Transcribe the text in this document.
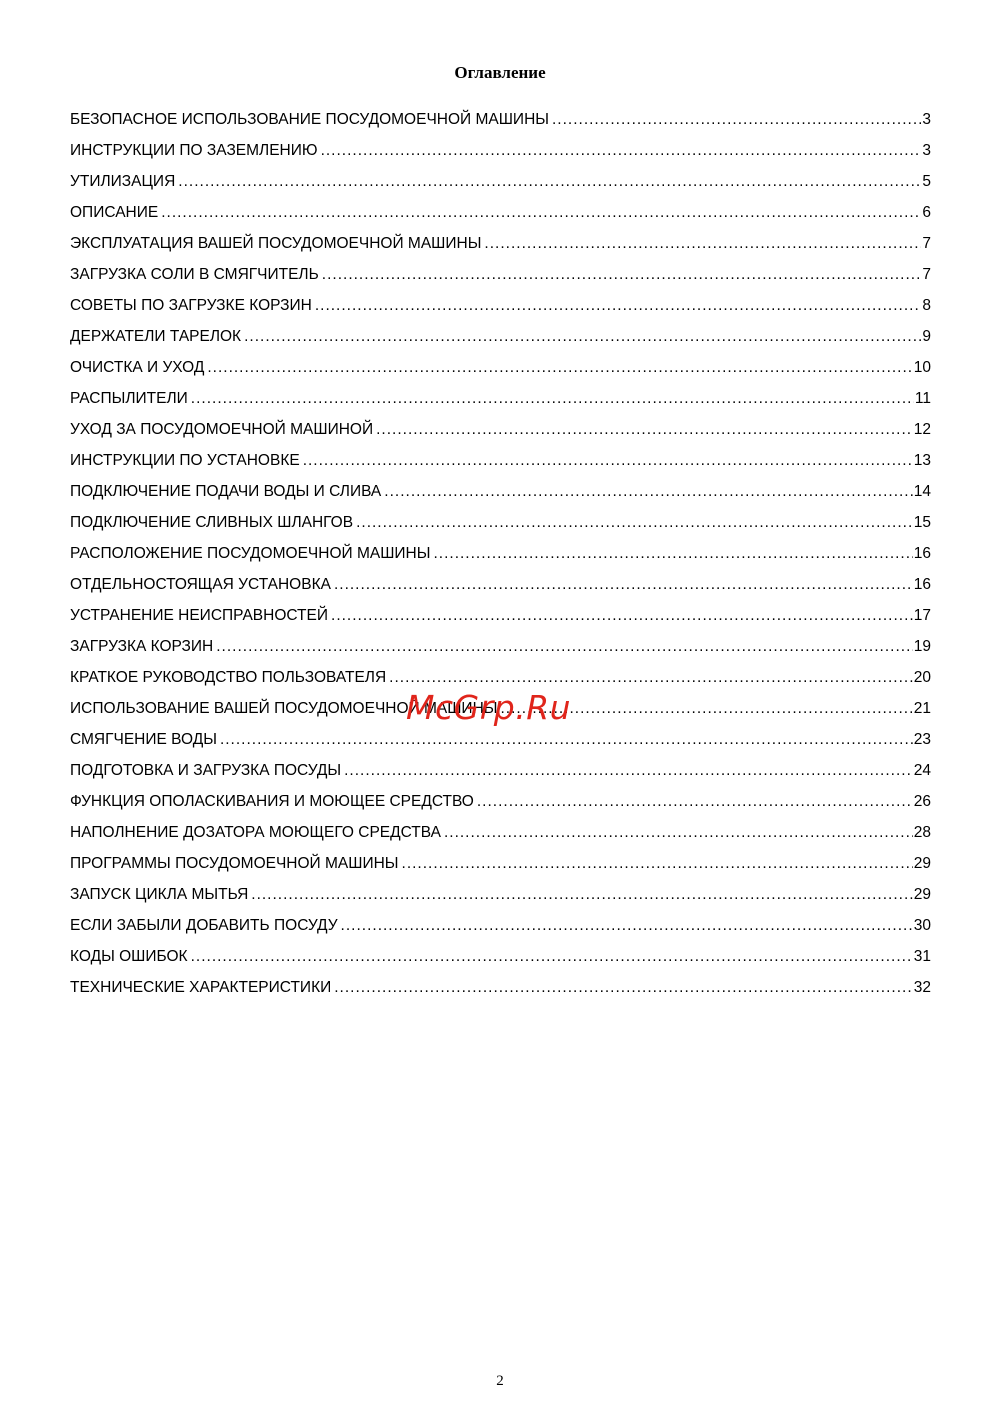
Оглавление
БЕЗОПАСНОЕ ИСПОЛЬЗОВАНИЕ ПОСУДОМОЕЧНОЙ МАШИНЫ .....	3
ИНСТРУКЦИИ ПО ЗАЗЕМЛЕНИЮ .....	3
УТИЛИЗАЦИЯ .....	5
ОПИСАНИЕ .....	6
ЭКСПЛУАТАЦИЯ ВАШЕЙ ПОСУДОМОЕЧНОЙ МАШИНЫ .....	7
ЗАГРУЗКА СОЛИ В СМЯГЧИТЕЛЬ .....	7
СОВЕТЫ ПО ЗАГРУЗКЕ КОРЗИН .....	8
ДЕРЖАТЕЛИ ТАРЕЛОК .....	9
ОЧИСТКА И УХОД .....	10
РАСПЫЛИТЕЛИ .....	11
УХОД ЗА ПОСУДОМОЕЧНОЙ МАШИНОЙ .....	12
ИНСТРУКЦИИ ПО УСТАНОВКЕ .....	13
ПОДКЛЮЧЕНИЕ ПОДАЧИ ВОДЫ И СЛИВА .....	14
ПОДКЛЮЧЕНИЕ СЛИВНЫХ ШЛАНГОВ .....	15
РАСПОЛОЖЕНИЕ ПОСУДОМОЕЧНОЙ МАШИНЫ .....	16
ОТДЕЛЬНОСТОЯЩАЯ УСТАНОВКА .....	16
УСТРАНЕНИЕ НЕИСПРАВНОСТЕЙ .....	17
ЗАГРУЗКА КОРЗИН .....	19
КРАТКОЕ РУКОВОДСТВО ПОЛЬЗОВАТЕЛЯ .....	20
ИСПОЛЬЗОВАНИЕ ВАШЕЙ ПОСУДОМОЕЧНОЙ МАШИНЫ .....	21
СМЯГЧЕНИЕ ВОДЫ .....	23
ПОДГОТОВКА И ЗАГРУЗКА ПОСУДЫ .....	24
ФУНКЦИЯ ОПОЛАСКИВАНИЯ И МОЮЩЕЕ СРЕДСТВО .....	26
НАПОЛНЕНИЕ ДОЗАТОРА МОЮЩЕГО СРЕДСТВА .....	28
ПРОГРАММЫ ПОСУДОМОЕЧНОЙ МАШИНЫ .....	29
ЗАПУСК ЦИКЛА МЫТЬЯ .....	29
ЕСЛИ ЗАБЫЛИ ДОБАВИТЬ ПОСУДУ .....	30
КОДЫ ОШИБОК .....	31
ТЕХНИЧЕСКИЕ ХАРАКТЕРИСТИКИ .....	32
McGrp.Ru
2
